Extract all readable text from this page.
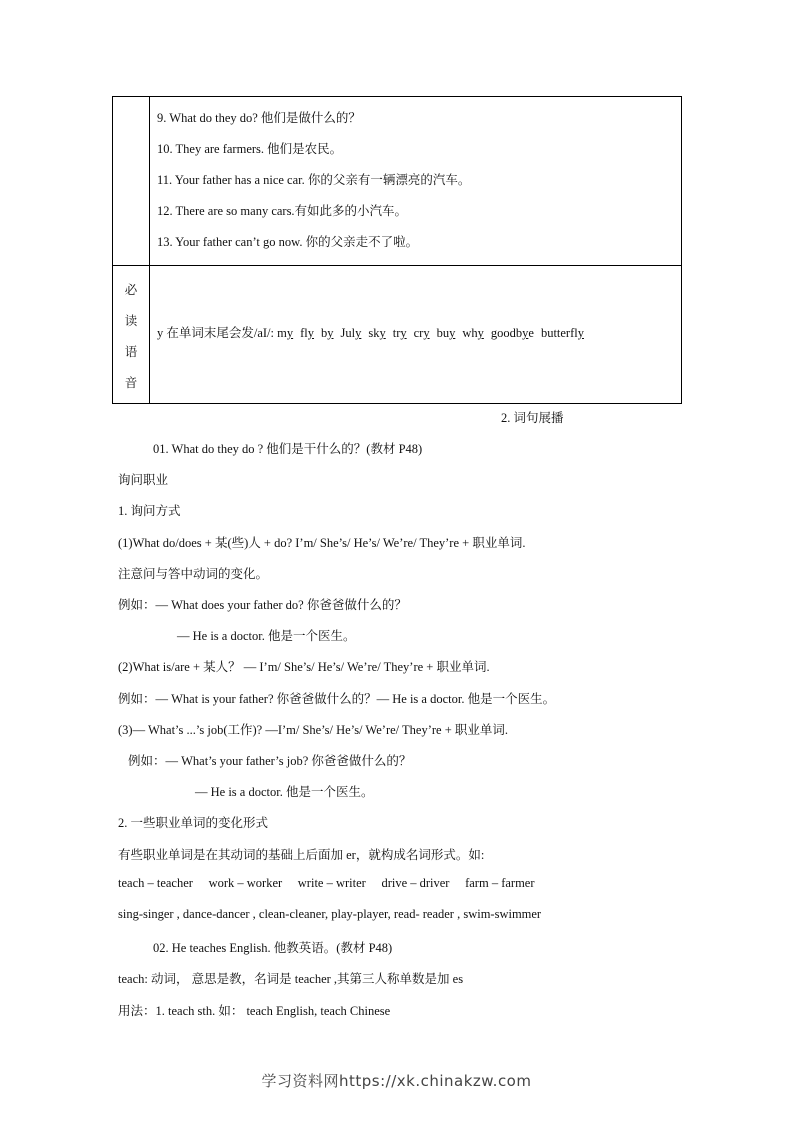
	9. What do they do? 他们是做什么的？
10. They are farmers. 他们是农民。
11. Your father has a nice car. 你的父亲有一辆漂亮的汽车。
12. There are so many cars.有如此多的小汽车。
13. Your father can’t go now. 你的父亲走不了啦。

必
读
语
音	y 在单词末尾会发/aI/: my fly by July sky try cry buy why goodbye butterfly
2. 词句展播
01. What do they do ? 他们是干什么的？(教材 P48)
询问职业
1. 询问方式
(1)What do/does + 某(些)人 + do? I’m/ She’s/ He’s/ We’re/ They’re + 职业单词.
注意问与答中动词的变化。
例如：— What does your father do? 你爸爸做什么的？
— He is a doctor. 他是一个医生。
(2)What is/are + 某人？ — I’m/ She’s/ He’s/ We’re/ They’re + 职业单词.
例如：— What is your father? 你爸爸做什么的？— He is a doctor. 他是一个医生。
(3)— What’s ...’s job(工作)? —I’m/ She’s/ He’s/ We’re/ They’re + 职业单词.
例如：— What’s your father’s job? 你爸爸做什么的？
— He is a doctor. 他是一个医生。
2. 一些职业单词的变化形式
有些职业单词是在其动词的基础上后面加 er，就构成名词形式。如:
teach – teacher     work – worker     write – writer     drive – driver     farm – farmer
sing-singer , dance-dancer , clean-cleaner, play-player, read- reader , swim-swimmer
02. He teaches English. 他教英语。(教材 P48)
teach: 动词， 意思是教，名词是 teacher ,其第三人称单数是加 es
用法：1. teach sth. 如： teach English, teach Chinese
学习资料网https://xk.chinakzw.com
